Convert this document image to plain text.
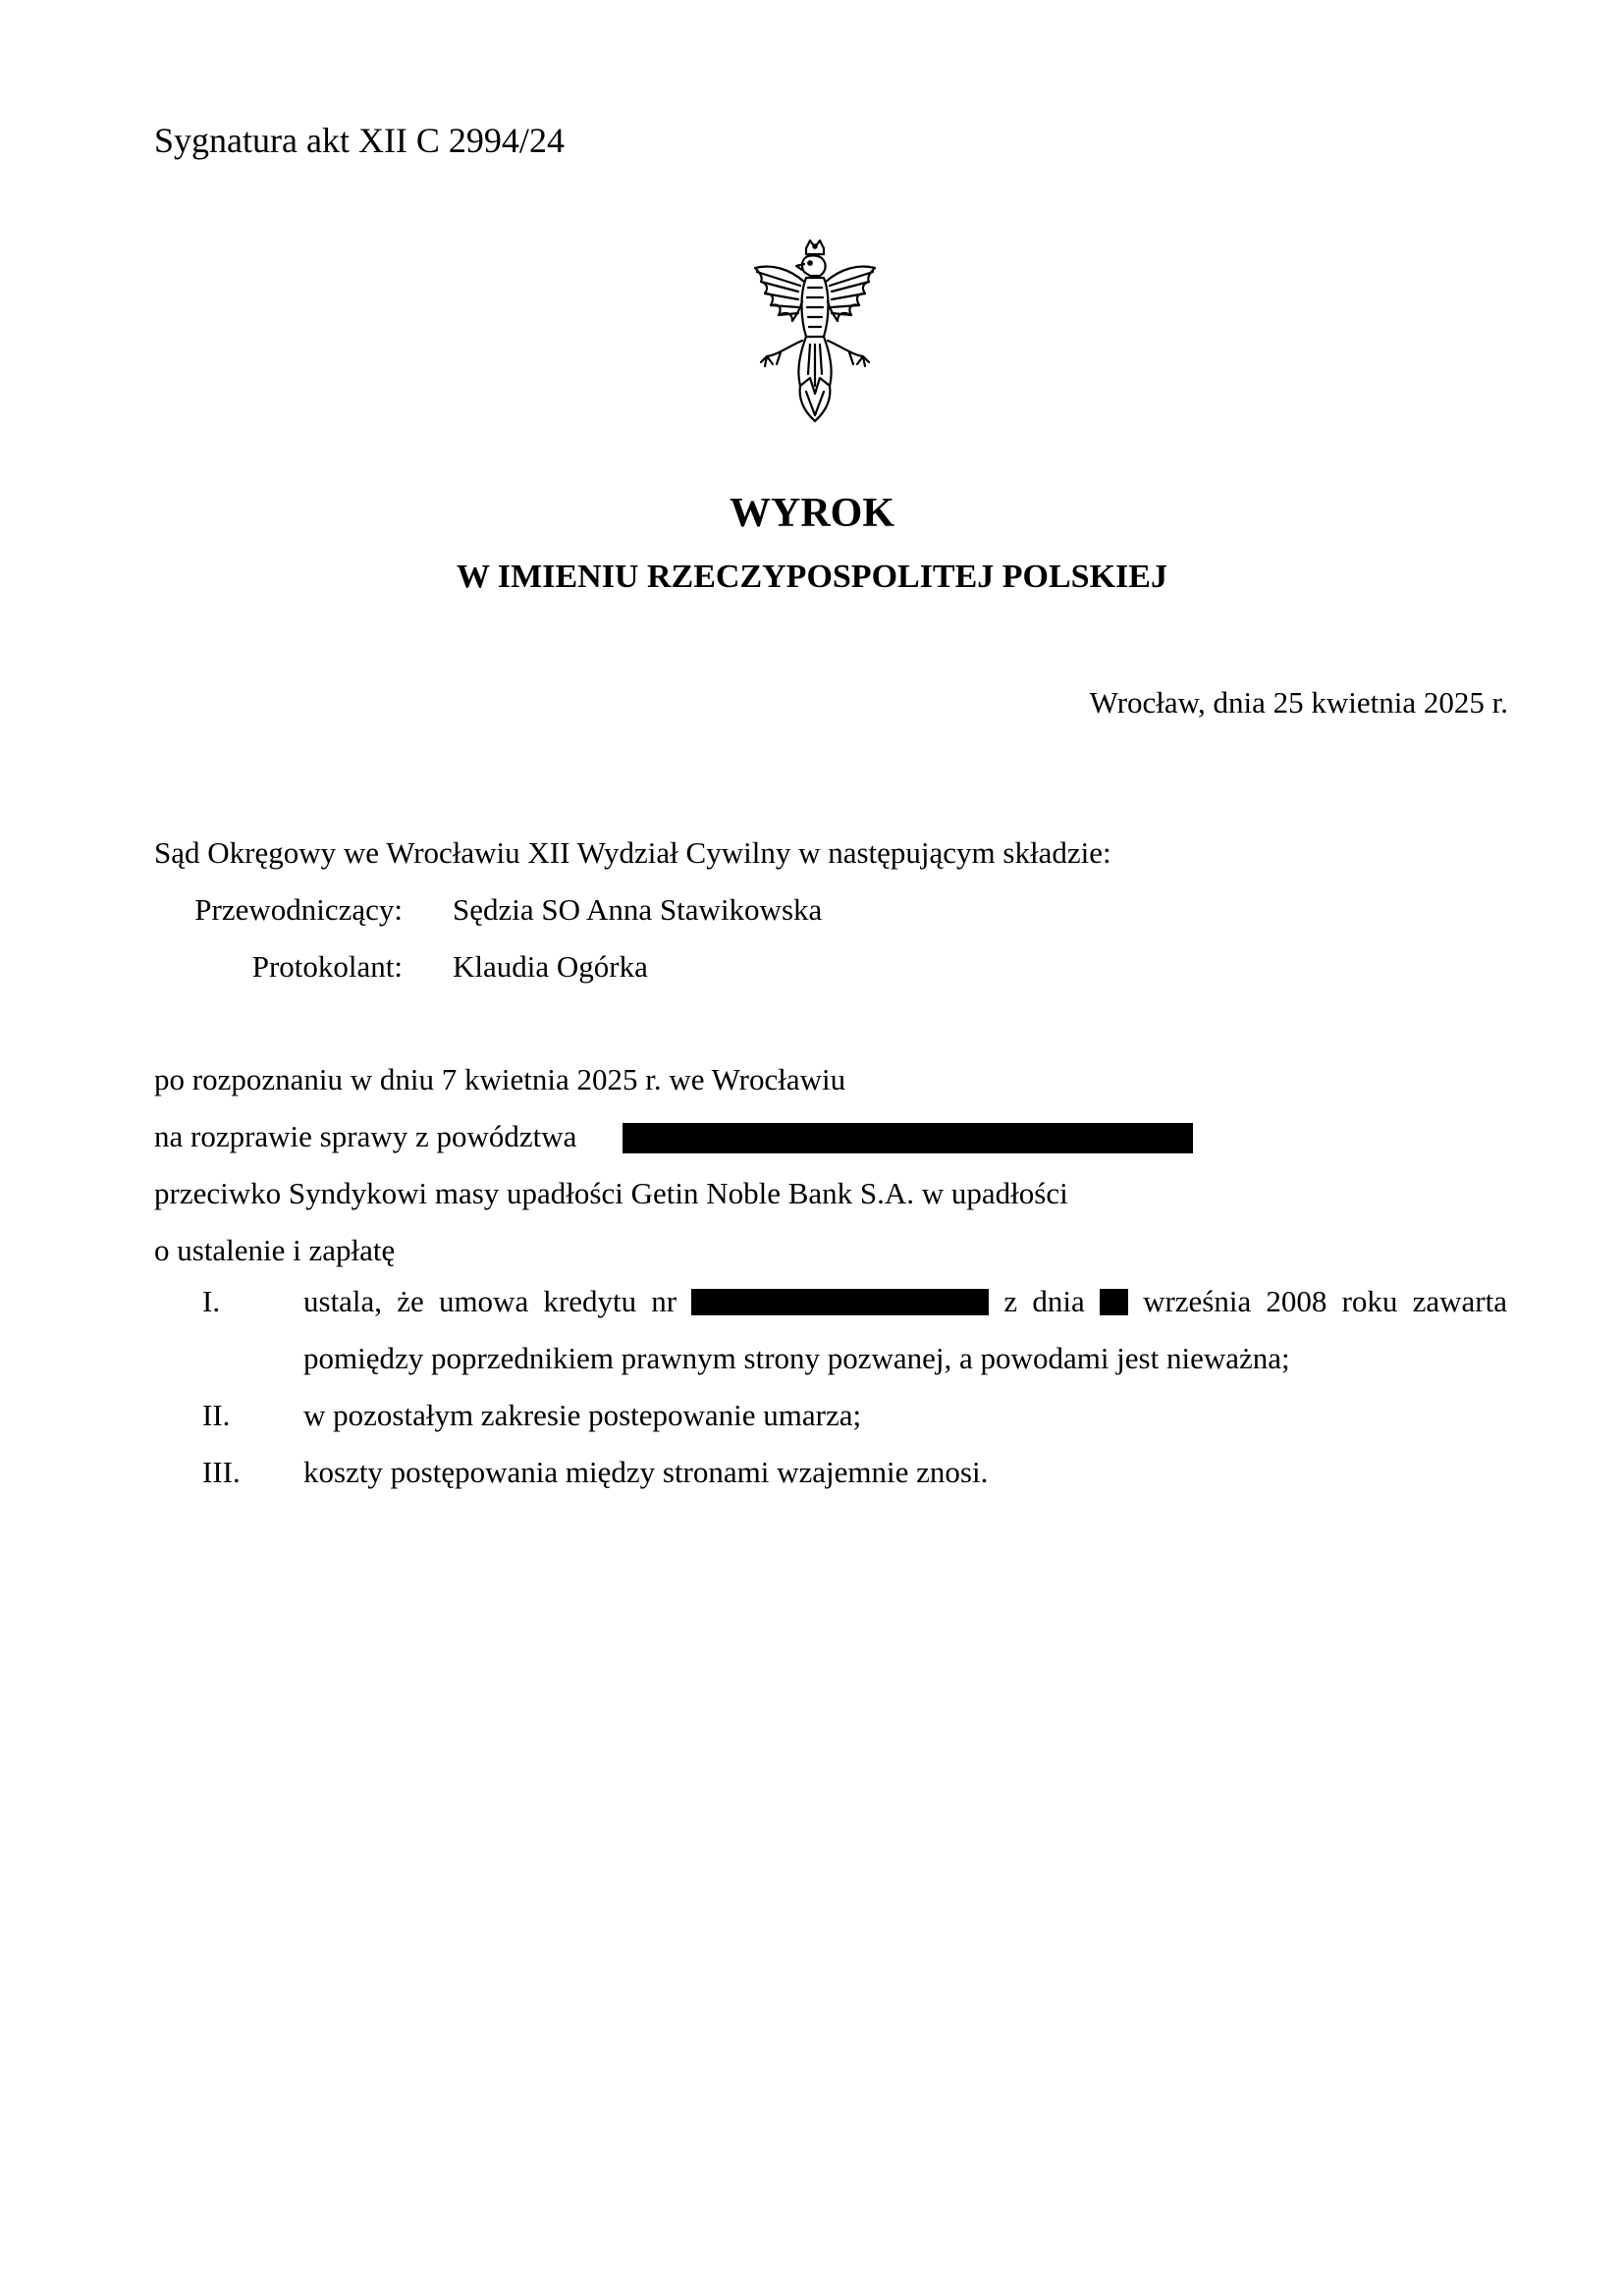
Sygnatura akt XII C 2994/24
WYROK
W IMIENIU RZECZYPOSPOLITEJ POLSKIEJ
Wrocław, dnia 25 kwietnia 2025 r.
Sąd Okręgowy we Wrocławiu XII Wydział Cywilny w następującym składzie:
Przewodniczący: Sędzia SO Anna Stawikowska
Protokolant: Klaudia Ogórka
po rozpoznaniu w dniu 7 kwietnia 2025 r. we Wrocławiu
na rozprawie sprawy z powództwa
przeciwko Syndykowi masy upadłości Getin Noble Bank S.A. w upadłości
o ustalenie i zapłatę
I.	ustala, że umowa kredytu nr	z dnia września 2008 roku zawarta
pomiędzy poprzednikiem prawnym strony pozwanej, a powodami jest nieważna;
II. w pozostałym zakresie postepowanie umarza;
III. koszty postępowania między stronami wzajemnie znosi.
